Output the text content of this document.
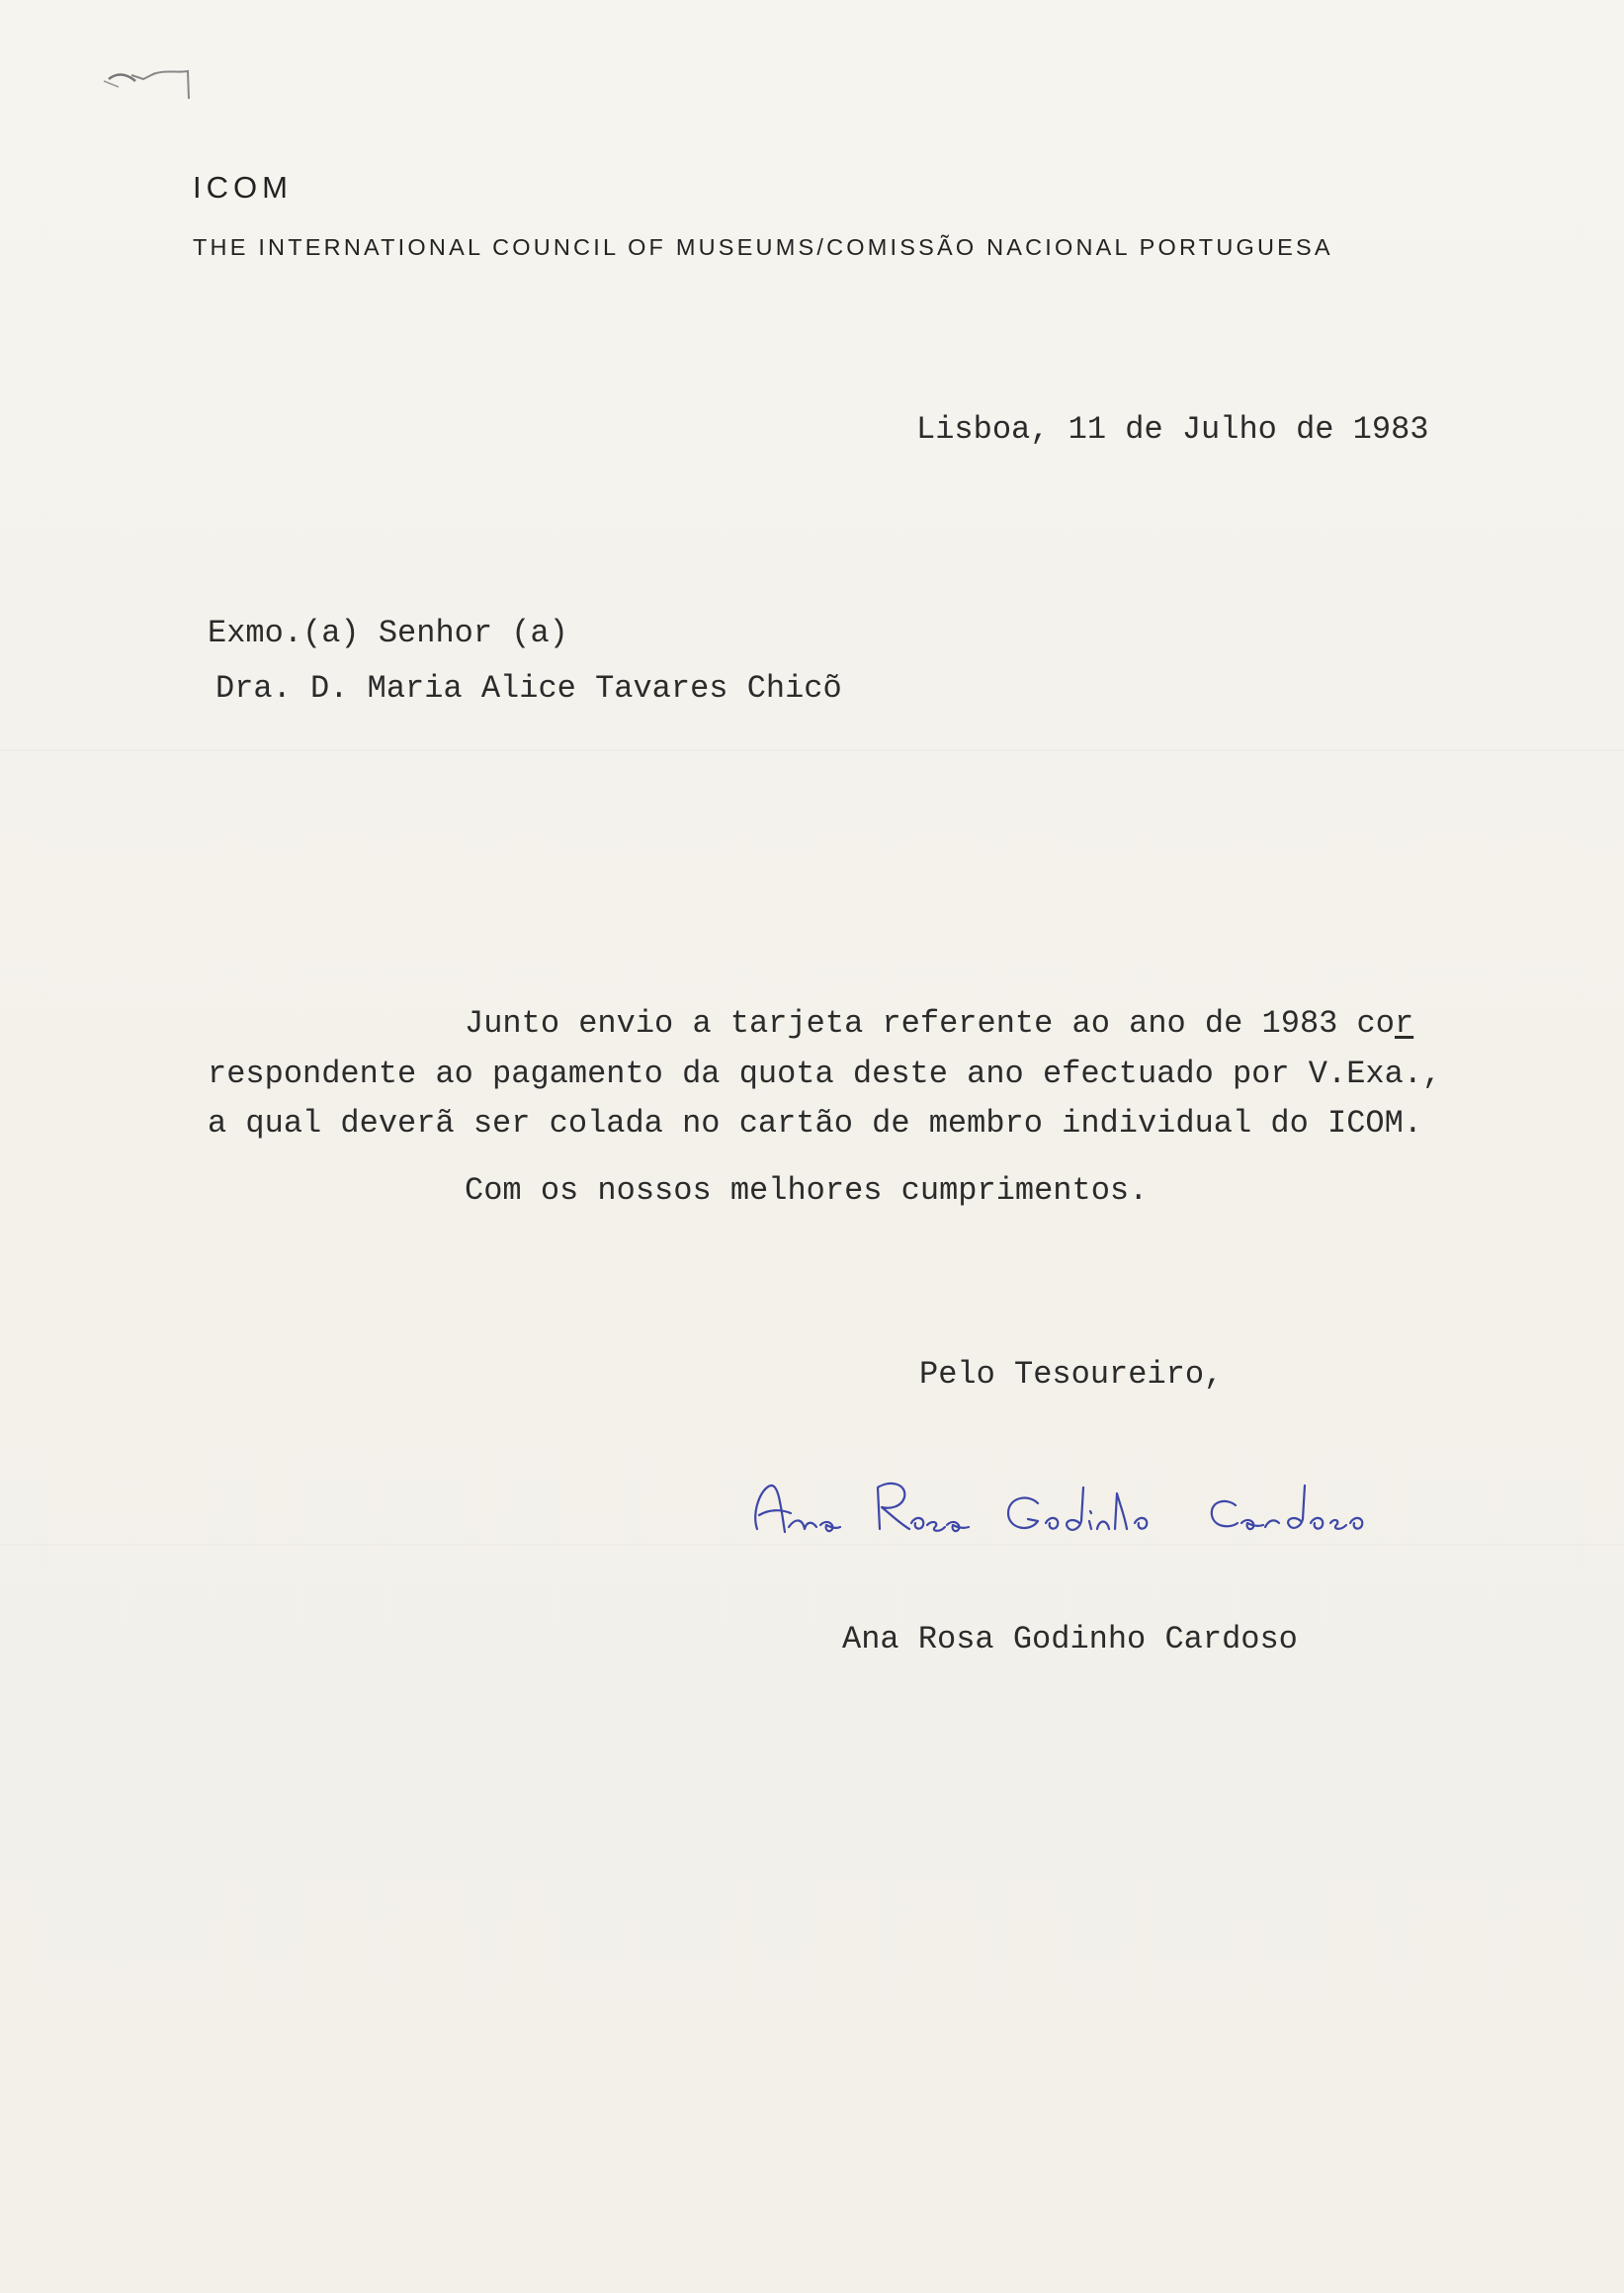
ICOM
THE INTERNATIONAL COUNCIL OF MUSEUMS/COMISSÃO NACIONAL PORTUGUESA
Lisboa, 11 de Julho de 1983
Exmo.(a) Senhor (a)
Dra. D. Maria Alice Tavares Chicõ
Junto envio a tarjeta referente ao ano de 1983 cor
respondente ao pagamento da quota deste ano efectuado por V.Exa.,
a qual deverã ser colada no cartão de membro individual do ICOM.
Com os nossos melhores cumprimentos.
Pelo Tesoureiro,
Ana Rosa Godinho Cardoso
